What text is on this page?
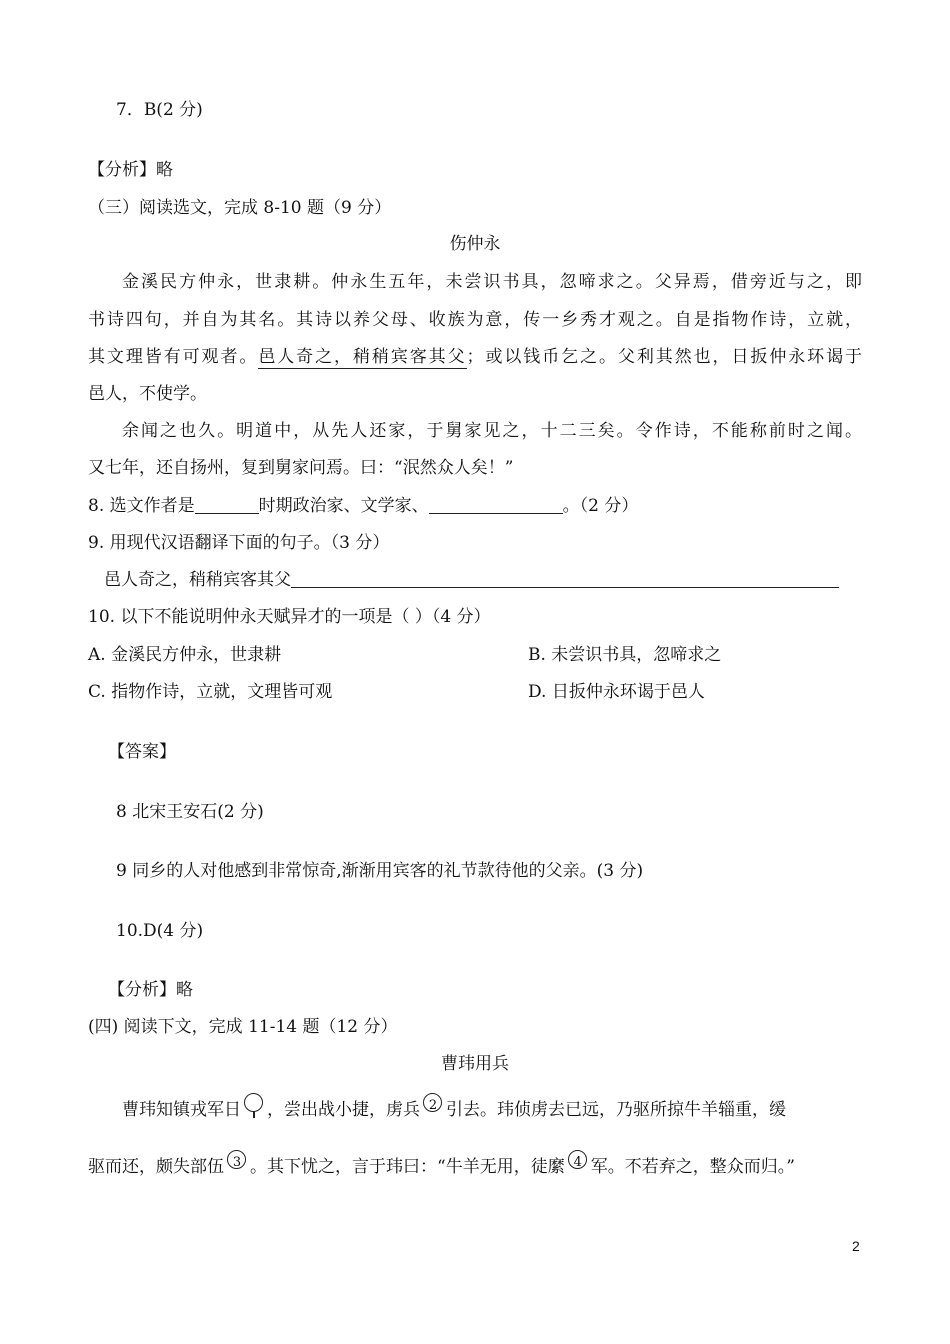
7．B(2 分)
【分析】略
（三）阅读选文，完成 8-10 题（9 分）
伤仲永
金溪民方仲永，世隶耕。仲永生五年，未尝识书具，忽啼求之。父异焉，借旁近与之，即
书诗四句，并自为其名。其诗以养父母、收族为意，传一乡秀才观之。自是指物作诗，立就，
其文理皆有可观者。邑人奇之，稍稍宾客其父；或以钱币乞之。父利其然也，日扳仲永环谒于
邑人，不使学。
余闻之也久。明道中，从先人还家，于舅家见之，十二三矣。令作诗，不能称前时之闻。
又七年，还自扬州，复到舅家问焉。曰：“泯然众人矣！”
8. 选文作者是	时期政治家、文学家、	。（2 分）
9. 用现代汉语翻译下面的句子。（3 分）
邑人奇之，稍稍宾客其父
10. 以下不能说明仲永天赋异才的一项是（ ）（4 分）
A. 金溪民方仲永，世隶耕	B. 未尝识书具，忽啼求之
C. 指物作诗，立就，文理皆可观	D. 日扳仲永环谒于邑人
【答案】
8 北宋王安石(2 分)
9 同乡的人对他感到非常惊奇,渐渐用宾客的礼节款待他的父亲。(3 分)
10.D(4 分)
【分析】略
(四) 阅读下文，完成 11-14 题（12 分）
曹玮用兵
曹玮知镇戎军日 ，尝出战小捷，虏兵 2 引去。玮侦虏去已远，乃驱所掠牛羊辎重，缓
驱而还，颇失部伍 3 。其下忧之，言于玮曰：“牛羊无用，徒縻 4 军。不若弃之，整众而归。”
2
